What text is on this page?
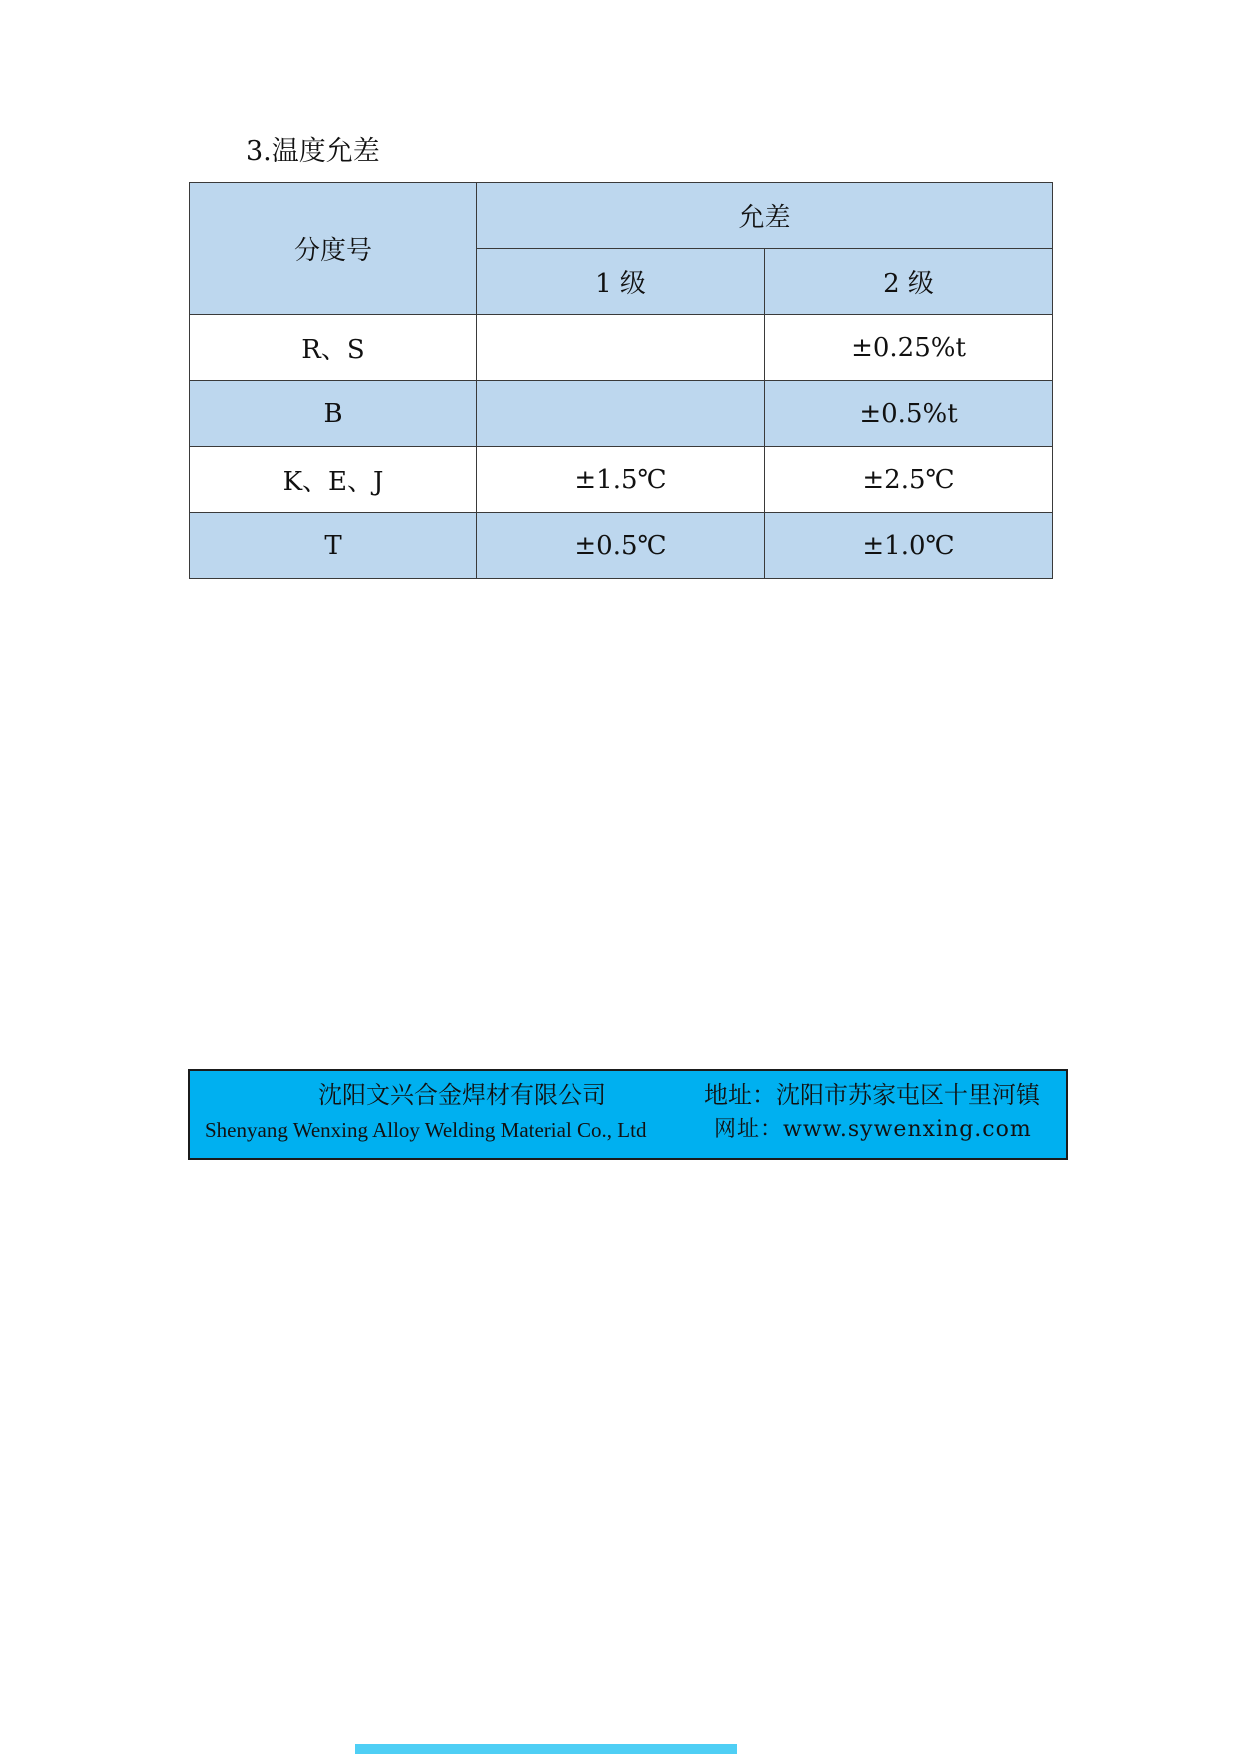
3.温度允差
分度号	允差	
	1 级	2 级
R、S		±0.25%t
B		±0.5%t
K、E、J	±1.5℃	±2.5℃
T	±0.5℃	±1.0℃
沈阳文兴合金焊材有限公司
Shenyang Wenxing Alloy Welding Material Co., Ltd
地址：沈阳市苏家屯区十里河镇
网址：www.sywenxing.com
